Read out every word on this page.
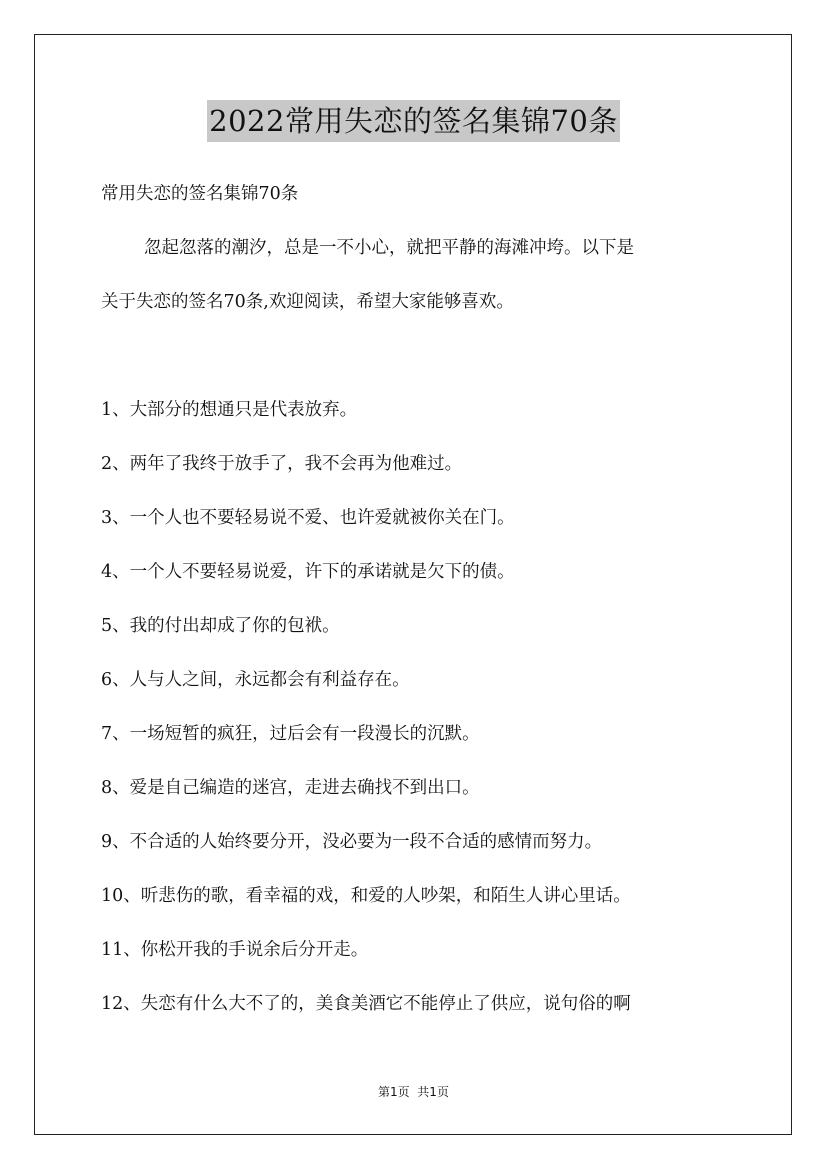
2022常用失恋的签名集锦70条
常用失恋的签名集锦70条
忽起忽落的潮汐，总是一不小心，就把平静的海滩冲垮。以下是
关于失恋的签名70条,欢迎阅读，希望大家能够喜欢。
1、大部分的想通只是代表放弃。
2、两年了我终于放手了，我不会再为他难过。
3、一个人也不要轻易说不爱、也许爱就被你关在门。
4、一个人不要轻易说爱，许下的承诺就是欠下的债。
5、我的付出却成了你的包袱。
6、人与人之间，永远都会有利益存在。
7、一场短暂的疯狂，过后会有一段漫长的沉默。
8、爱是自己编造的迷宫，走进去确找不到出口。
9、不合适的人始终要分开，没必要为一段不合适的感情而努力。
10、听悲伤的歌，看幸福的戏，和爱的人吵架，和陌生人讲心里话。
11、你松开我的手说余后分开走。
12、失恋有什么大不了的，美食美酒它不能停止了供应，说句俗的啊
第1页  共1页
